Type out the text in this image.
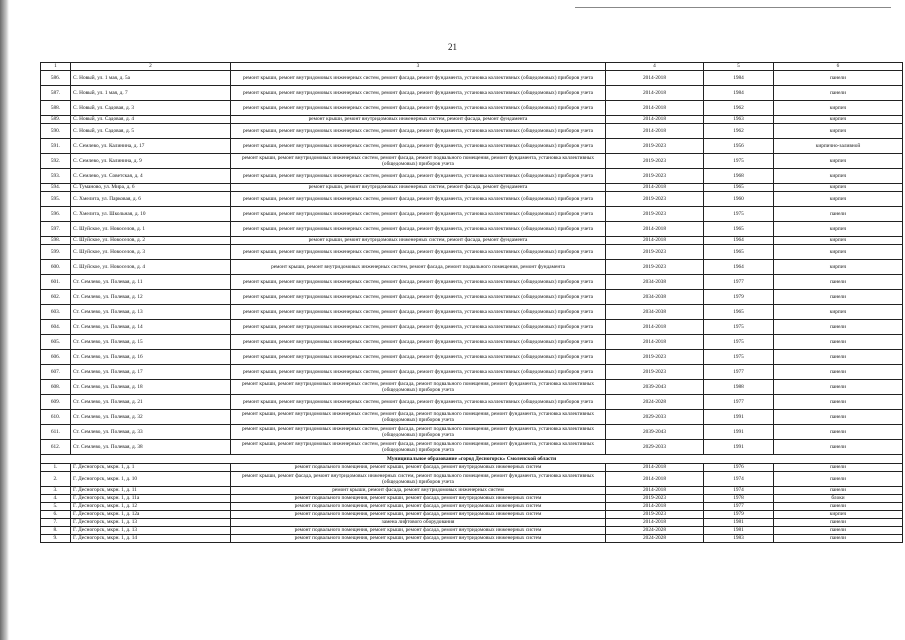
21
1	2	3	4	5	6
586.	С. Новый, ул. 1 мая, д. 5а	ремонт крыши, ремонт внутридомовых инженерных систем, ремонт фасада, ремонт фундамента, установка коллективных (общедомовых) приборов учета	2014-2018	1984	панели
587.	С. Новый, ул. 1 мая, д. 7	ремонт крыши, ремонт внутридомовых инженерных систем, ремонт фасада, ремонт фундамента, установка коллективных (общедомовых) приборов учета	2014-2018	1984	панели
588.	С. Новый, ул. Садовая, д. 3	ремонт крыши, ремонт внутридомовых инженерных систем, ремонт фасада, ремонт фундамента, установка коллективных (общедомовых) приборов учета	2014-2018	1962	кирпич
589.	С. Новый, ул. Садовая, д. 4	ремонт крыши, ремонт внутридомовых инженерных систем, ремонт фасада, ремонт фундамента	2014-2018	1963	кирпич
590.	С. Новый, ул. Садовая, д. 5	ремонт крыши, ремонт внутридомовых инженерных систем, ремонт фасада, ремонт фундамента, установка коллективных (общедомовых) приборов учета	2014-2018	1962	кирпич
591.	С. Семлево, ул. Калинина, д. 17	ремонт крыши, ремонт внутридомовых инженерных систем, ремонт фасада, ремонт фундамента, установка коллективных (общедомовых) приборов учета	2019-2023	1956	кирпично-заливной
592.	С. Семлево, ул. Калинина, д. 9	ремонт крыши, ремонт внутридомовых инженерных систем, ремонт фасада, ремонт подвального помещения, ремонт фундамента, установка коллективных (общедомовых) приборов учета	2019-2023	1975	кирпич
593.	С. Семлево, ул. Советская, д. 4	ремонт крыши, ремонт внутридомовых инженерных систем, ремонт фасада, ремонт фундамента, установка коллективных (общедомовых) приборов учета	2019-2023	1968	кирпич
594.	С. Тумановo, ул. Мира, д. 6	ремонт крыши, ремонт внутридомовых инженерных систем, ремонт фасада, ремонт фундамента	2014-2018	1965	кирпич
595.	С. Хмелита, ул. Парковая, д. 6	ремонт крыши, ремонт внутридомовых инженерных систем, ремонт фасада, ремонт фундамента, установка коллективных (общедомовых) приборов учета	2019-2023	1960	кирпич
596.	С. Хмелита, ул. Школьная, д. 10	ремонт крыши, ремонт внутридомовых инженерных систем, ремонт фасада, ремонт фундамента, установка коллективных (общедомовых) приборов учета	2019-2023	1975	панели
597.	С. Шуйское, ул. Новоселов, д. 1	ремонт крыши, ремонт внутридомовых инженерных систем, ремонт фасада, ремонт фундамента, установка коллективных (общедомовых) приборов учета	2014-2018	1965	кирпич
598.	С. Шуйское, ул. Новоселов, д. 2	ремонт крыши, ремонт внутридомовых инженерных систем, ремонт фасада, ремонт фундамента	2014-2018	1964	кирпич
599.	С. Шуйское, ул. Новоселов, д. 3	ремонт крыши, ремонт внутридомовых инженерных систем, ремонт фасада, ремонт фундамента, установка коллективных (общедомовых) приборов учета	2019-2023	1965	кирпич
600.	С. Шуйское, ул. Новоселов, д. 4	ремонт крыши, ремонт внутридомовых инженерных систем, ремонт фасада, ремонт подвального помещения, ремонт фундамента	2019-2023	1964	кирпич
601.	Ст. Семлево, ул. Полевая, д. 11	ремонт крыши, ремонт внутридомовых инженерных систем, ремонт фасада, ремонт фундамента, установка коллективных (общедомовых) приборов учета	2034-2038	1977	панели
602.	Ст. Семлево, ул. Полевая, д. 12	ремонт крыши, ремонт внутридомовых инженерных систем, ремонт фасада, ремонт фундамента, установка коллективных (общедомовых) приборов учета	2034-2038	1979	панели
603.	Ст. Семлево, ул. Полевая, д. 13	ремонт крыши, ремонт внутридомовых инженерных систем, ремонт фасада, ремонт фундамента, установка коллективных (общедомовых) приборов учета	2034-2038	1965	кирпич
604.	Ст. Семлево, ул. Полевая, д. 14	ремонт крыши, ремонт внутридомовых инженерных систем, ремонт фасада, ремонт фундамента, установка коллективных (общедомовых) приборов учета	2014-2018	1975	панели
605.	Ст. Семлево, ул. Полевая, д. 15	ремонт крыши, ремонт внутридомовых инженерных систем, ремонт фасада, ремонт фундамента, установка коллективных (общедомовых) приборов учета	2014-2018	1975	панели
606.	Ст. Семлево, ул. Полевая, д. 16	ремонт крыши, ремонт внутридомовых инженерных систем, ремонт фасада, ремонт фундамента, установка коллективных (общедомовых) приборов учета	2019-2023	1975	панели
607.	Ст. Семлево, ул. Полевая, д. 17	ремонт крыши, ремонт внутридомовых инженерных систем, ремонт фасада, ремонт фундамента, установка коллективных (общедомовых) приборов учета	2019-2023	1977	панели
608.	Ст. Семлево, ул. Полевая, д. 18	ремонт крыши, ремонт внутридомовых инженерных систем, ремонт фасада, ремонт подвального помещения, ремонт фундамента, установка коллективных (общедомовых) приборов учета	2039-2043	1988	панели
609.	Ст. Семлево, ул. Полевая, д. 21	ремонт крыши, ремонт внутридомовых инженерных систем, ремонт фасада, ремонт фундамента, установка коллективных (общедомовых) приборов учета	2024-2028	1977	панели
610.	Ст. Семлево, ул. Полевая, д. 32	ремонт крыши, ремонт внутридомовых инженерных систем, ремонт фасада, ремонт подвального помещения, ремонт фундамента, установка коллективных (общедомовых) приборов учета	2029-2033	1991	панели
611.	Ст. Семлево, ул. Полевая, д. 33	ремонт крыши, ремонт внутридомовых инженерных систем, ремонт фасада, ремонт подвального помещения, ремонт фундамента, установка коллективных (общедомовых) приборов учета	2039-2043	1991	панели
612.	Ст. Семлево, ул. Полевая, д. 38	ремонт крыши, ремонт внутридомовых инженерных систем, ремонт фасада, ремонт подвального помещения, ремонт фундамента, установка коллективных (общедомовых) приборов учета	2029-2033	1991	панели
Муниципальное образование «город Десногорск» Смоленской области					
1.	Г. Десногорск, мкрн. 1, д. 1	ремонт подвального помещения, ремонт крыши, ремонт фасада, ремонт внутридомовых инженерных систем	2014-2018	1976	панели
2.	Г. Десногорск, мкрн. 1, д. 10	ремонт крыши, ремонт фасада, ремонт внутридомовых инженерных систем, ремонт подвального помещения, ремонт фундамента, установка коллективных (общедомовых) приборов учета	2014-2018	1974	панели
3.	Г. Десногорск, мкрн. 1, д. 11	ремонт крыши, ремонт фасада, ремонт внутридомовых инженерных систем	2014-2018	1974	панели
4.	Г. Десногорск, мкрн. 1, д. 11а	ремонт подвального помещения, ремонт крыши, ремонт фасада, ремонт внутридомовых инженерных систем	2019-2023	1978	блоки
5.	Г. Десногорск, мкрн. 1, д. 12	ремонт подвального помещения, ремонт крыши, ремонт фасада, ремонт внутридомовых инженерных систем	2014-2018	1977	панели
6.	Г. Десногорск, мкрн. 1, д. 12а	ремонт подвального помещения, ремонт крыши, ремонт фасада, ремонт внутридомовых инженерных систем	2019-2023	1979	кирпич
7.	Г. Десногорск, мкрн. 1, д. 13	замена лифтового оборудования	2014-2018	1981	панели
8.	Г. Десногорск, мкрн. 1, д. 13	ремонт подвального помещения, ремонт крыши, ремонт фасада, ремонт внутридомовых инженерных систем	2024-2028	1981	панели
9.	Г. Десногорск, мкрн. 1, д. 14	ремонт подвального помещения, ремонт крыши, ремонт фасада, ремонт внутридомовых инженерных систем	2024-2028	1983	панели
